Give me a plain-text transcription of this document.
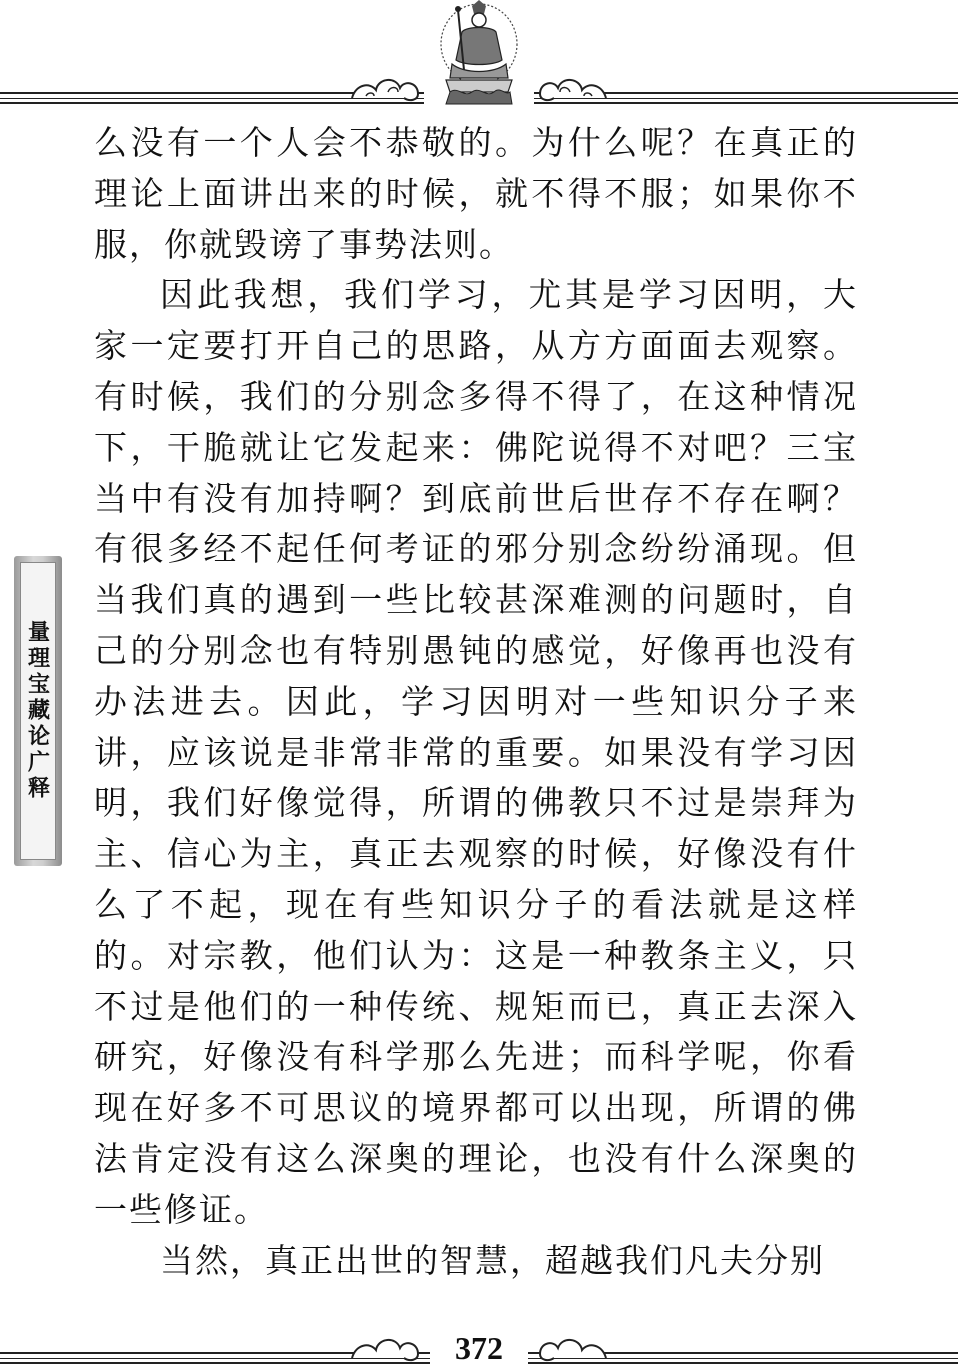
量理宝藏论广释

么没有一个人会不恭敬的。为什么呢？在真正的理论上面讲出来的时候，就不得不服；如果你不服，你就毁谤了事势法则。

因此我想，我们学习，尤其是学习因明，大家一定要打开自己的思路，从方方面面去观察。有时候，我们的分别念多得不得了，在这种情况下，干脆就让它发起来：佛陀说得不对吧？三宝当中有没有加持啊？到底前世后世存不存在啊？有很多经不起任何考证的邪分别念纷纷涌现。但当我们真的遇到一些比较甚深难测的问题时，自己的分别念也有特别愚钝的感觉，好像再也没有办法进去。因此，学习因明对一些知识分子来讲，应该说是非常非常的重要。如果没有学习因明，我们好像觉得，所谓的佛教只不过是崇拜为主、信心为主，真正去观察的时候，好像没有什么了不起，现在有些知识分子的看法就是这样的。对宗教，他们认为：这是一种教条主义，只不过是他们的一种传统、规矩而已，真正去深入研究，好像没有科学那么先进；而科学呢，你看现在好多不可思议的境界都可以出现，所谓的佛法肯定没有这么深奥的理论，也没有什么深奥的一些修证。

当然，真正出世的智慧，超越我们凡夫分别

372
